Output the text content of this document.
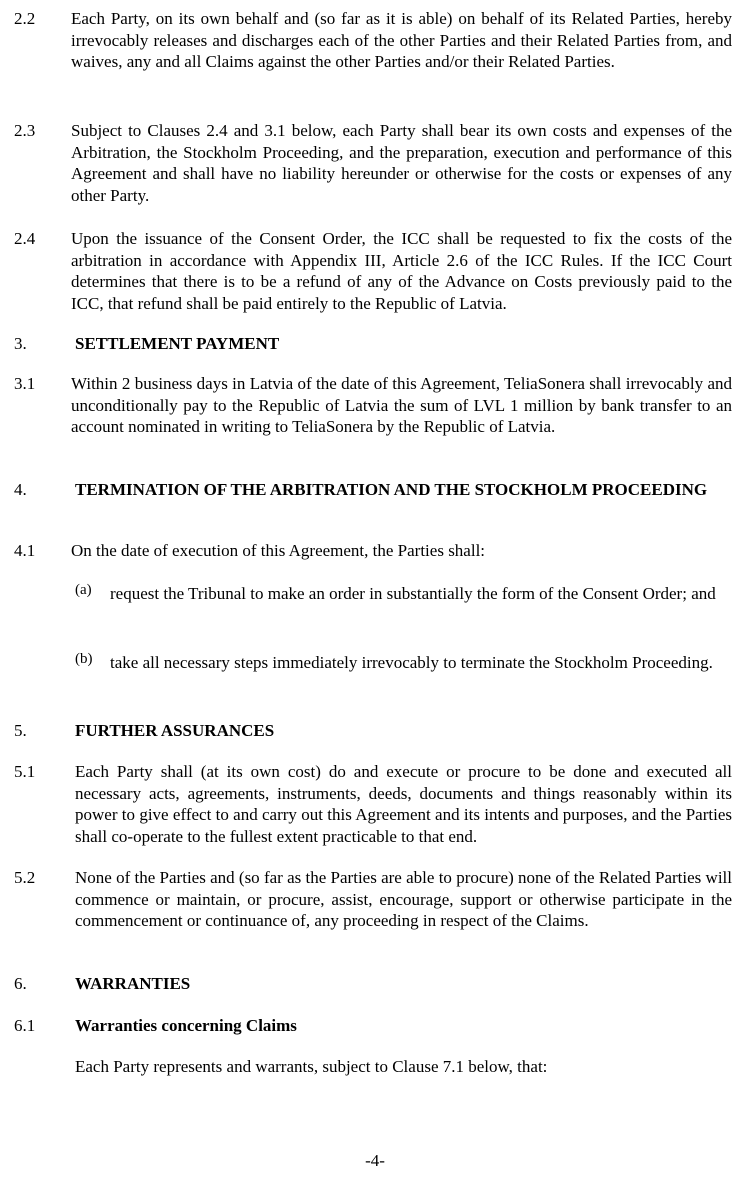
2.2 Each Party, on its own behalf and (so far as it is able) on behalf of its Related Parties, hereby irrevocably releases and discharges each of the other Parties and their Related Parties from, and waives, any and all Claims against the other Parties and/or their Related Parties.
2.3 Subject to Clauses 2.4 and 3.1 below, each Party shall bear its own costs and expenses of the Arbitration, the Stockholm Proceeding, and the preparation, execution and performance of this Agreement and shall have no liability hereunder or otherwise for the costs or expenses of any other Party.
2.4 Upon the issuance of the Consent Order, the ICC shall be requested to fix the costs of the arbitration in accordance with Appendix III, Article 2.6 of the ICC Rules. If the ICC Court determines that there is to be a refund of any of the Advance on Costs previously paid to the ICC, that refund shall be paid entirely to the Republic of Latvia.
3.	SETTLEMENT PAYMENT
3.1 Within 2 business days in Latvia of the date of this Agreement, TeliaSonera shall irrevocably and unconditionally pay to the Republic of Latvia the sum of LVL 1 million by bank transfer to an account nominated in writing to TeliaSonera by the Republic of Latvia.
4.	TERMINATION OF THE ARBITRATION AND THE STOCKHOLM PROCEEDING
4.1 On the date of execution of this Agreement, the Parties shall:
(a) request the Tribunal to make an order in substantially the form of the Consent Order; and
(b) take all necessary steps immediately irrevocably to terminate the Stockholm Proceeding.
5.	FURTHER ASSURANCES
5.1 Each Party shall (at its own cost) do and execute or procure to be done and executed all necessary acts, agreements, instruments, deeds, documents and things reasonably within its power to give effect to and carry out this Agreement and its intents and purposes, and the Parties shall co-operate to the fullest extent practicable to that end.
5.2 None of the Parties and (so far as the Parties are able to procure) none of the Related Parties will commence or maintain, or procure, assist, encourage, support or otherwise participate in the commencement or continuance of, any proceeding in respect of the Claims.
6.	WARRANTIES
6.1 Warranties concerning Claims
Each Party represents and warrants, subject to Clause 7.1 below, that:
-4-
